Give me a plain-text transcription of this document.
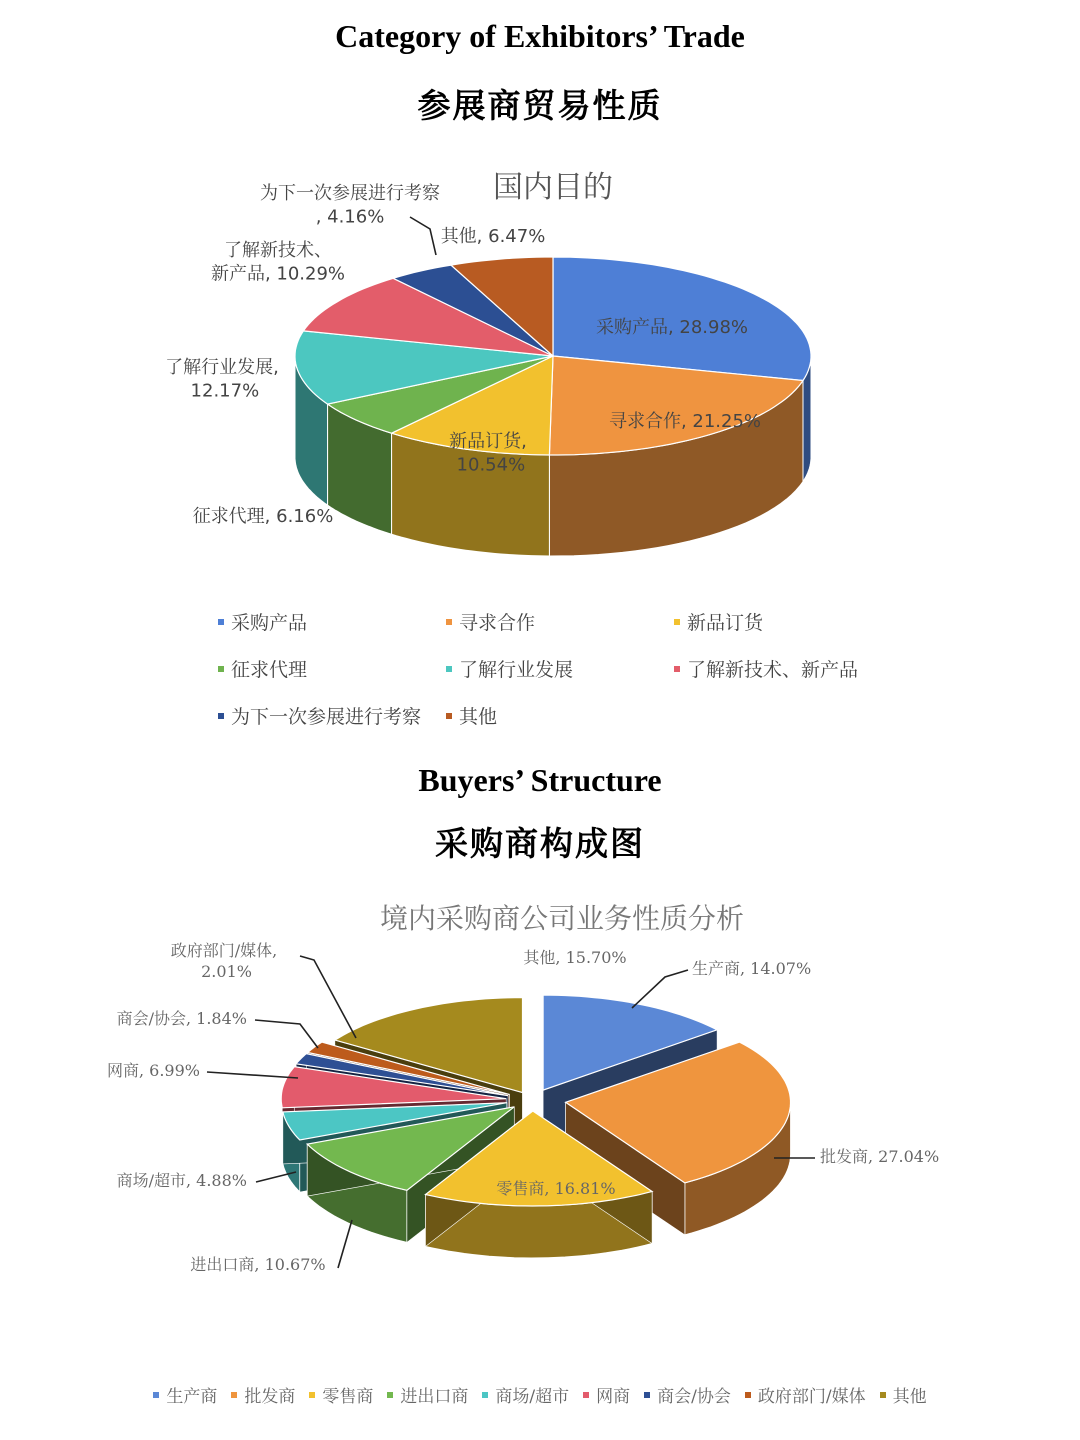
Category of Exhibitors’ Trade
参展商贸易性质
国内目的
采购产品, 28.98%
寻求合作, 21.25%
新品订货, 10.54%
征求代理, 6.16%
了解行业发展, 12.17%
了解新技术、新产品, 10.29%
为下一次参展进行考察, 4.16%
其他, 6.47%
采购产品	寻求合作	新品订货
征求代理	了解行业发展	了解新技术、新产品
为下一次参展进行考察 其他
Buyers’ Structure
采购商构成图
境内采购商公司业务性质分析
生产商, 14.07%
批发商, 27.04%
零售商, 16.81%
进出口商, 10.67%
商场/超市, 4.88%
网商, 6.99%
商会/协会, 1.84%
政府部门/媒体, 2.01%
其他, 15.70%
生产商 批发商 零售商 进出口商 商场/超市 网商 商会/协会 政府部门/媒体 其他
